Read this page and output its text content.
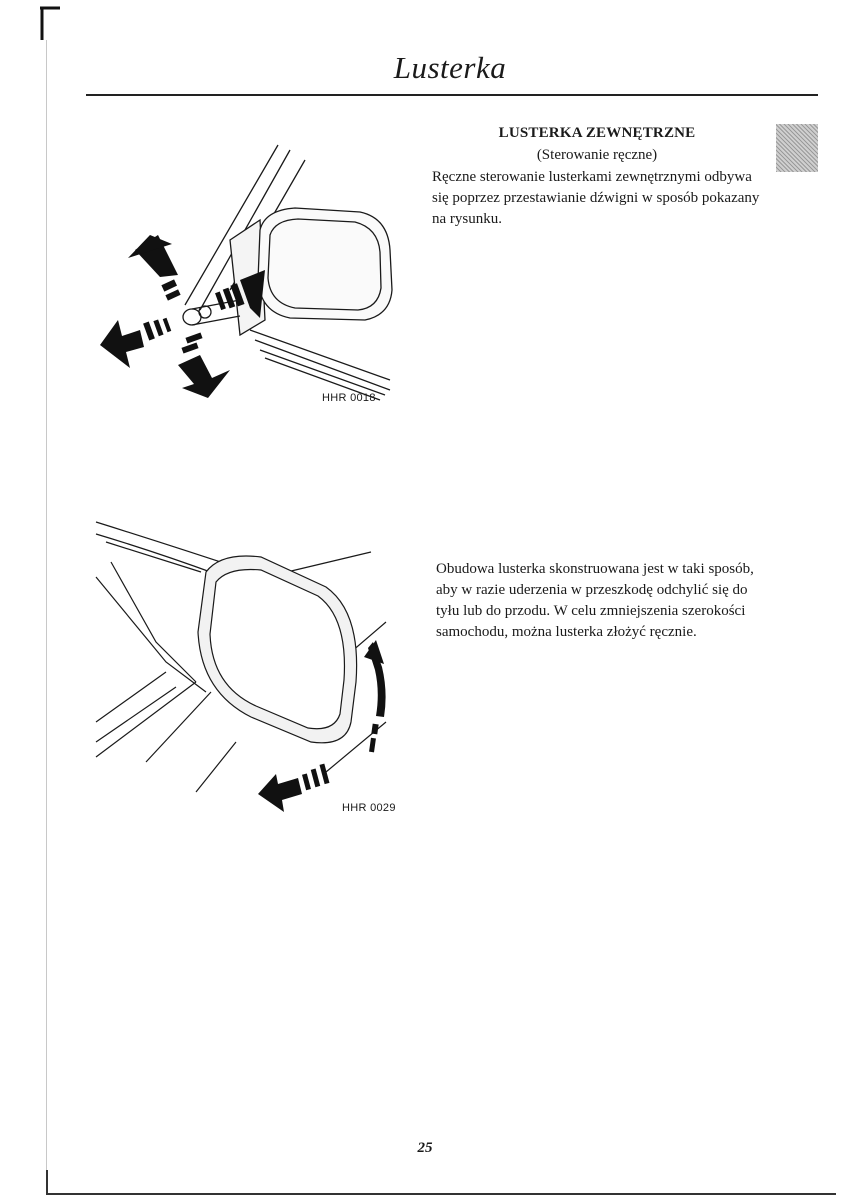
Lusterka
LUSTERKA ZEWNĘTRZNE
(Sterowanie ręczne)
Ręczne sterowanie lusterkami zewnętrznymi odbywa się poprzez przestawianie dźwigni w sposób pokazany na rysunku.
HHR 0018
Obudowa lusterka skonstruowana jest w taki sposób, aby w razie uderzenia w przeszkodę odchylić się do tyłu lub do przodu. W celu zmniejszenia szerokości samochodu, można lusterka złożyć ręcznie.
HHR 0029
25
